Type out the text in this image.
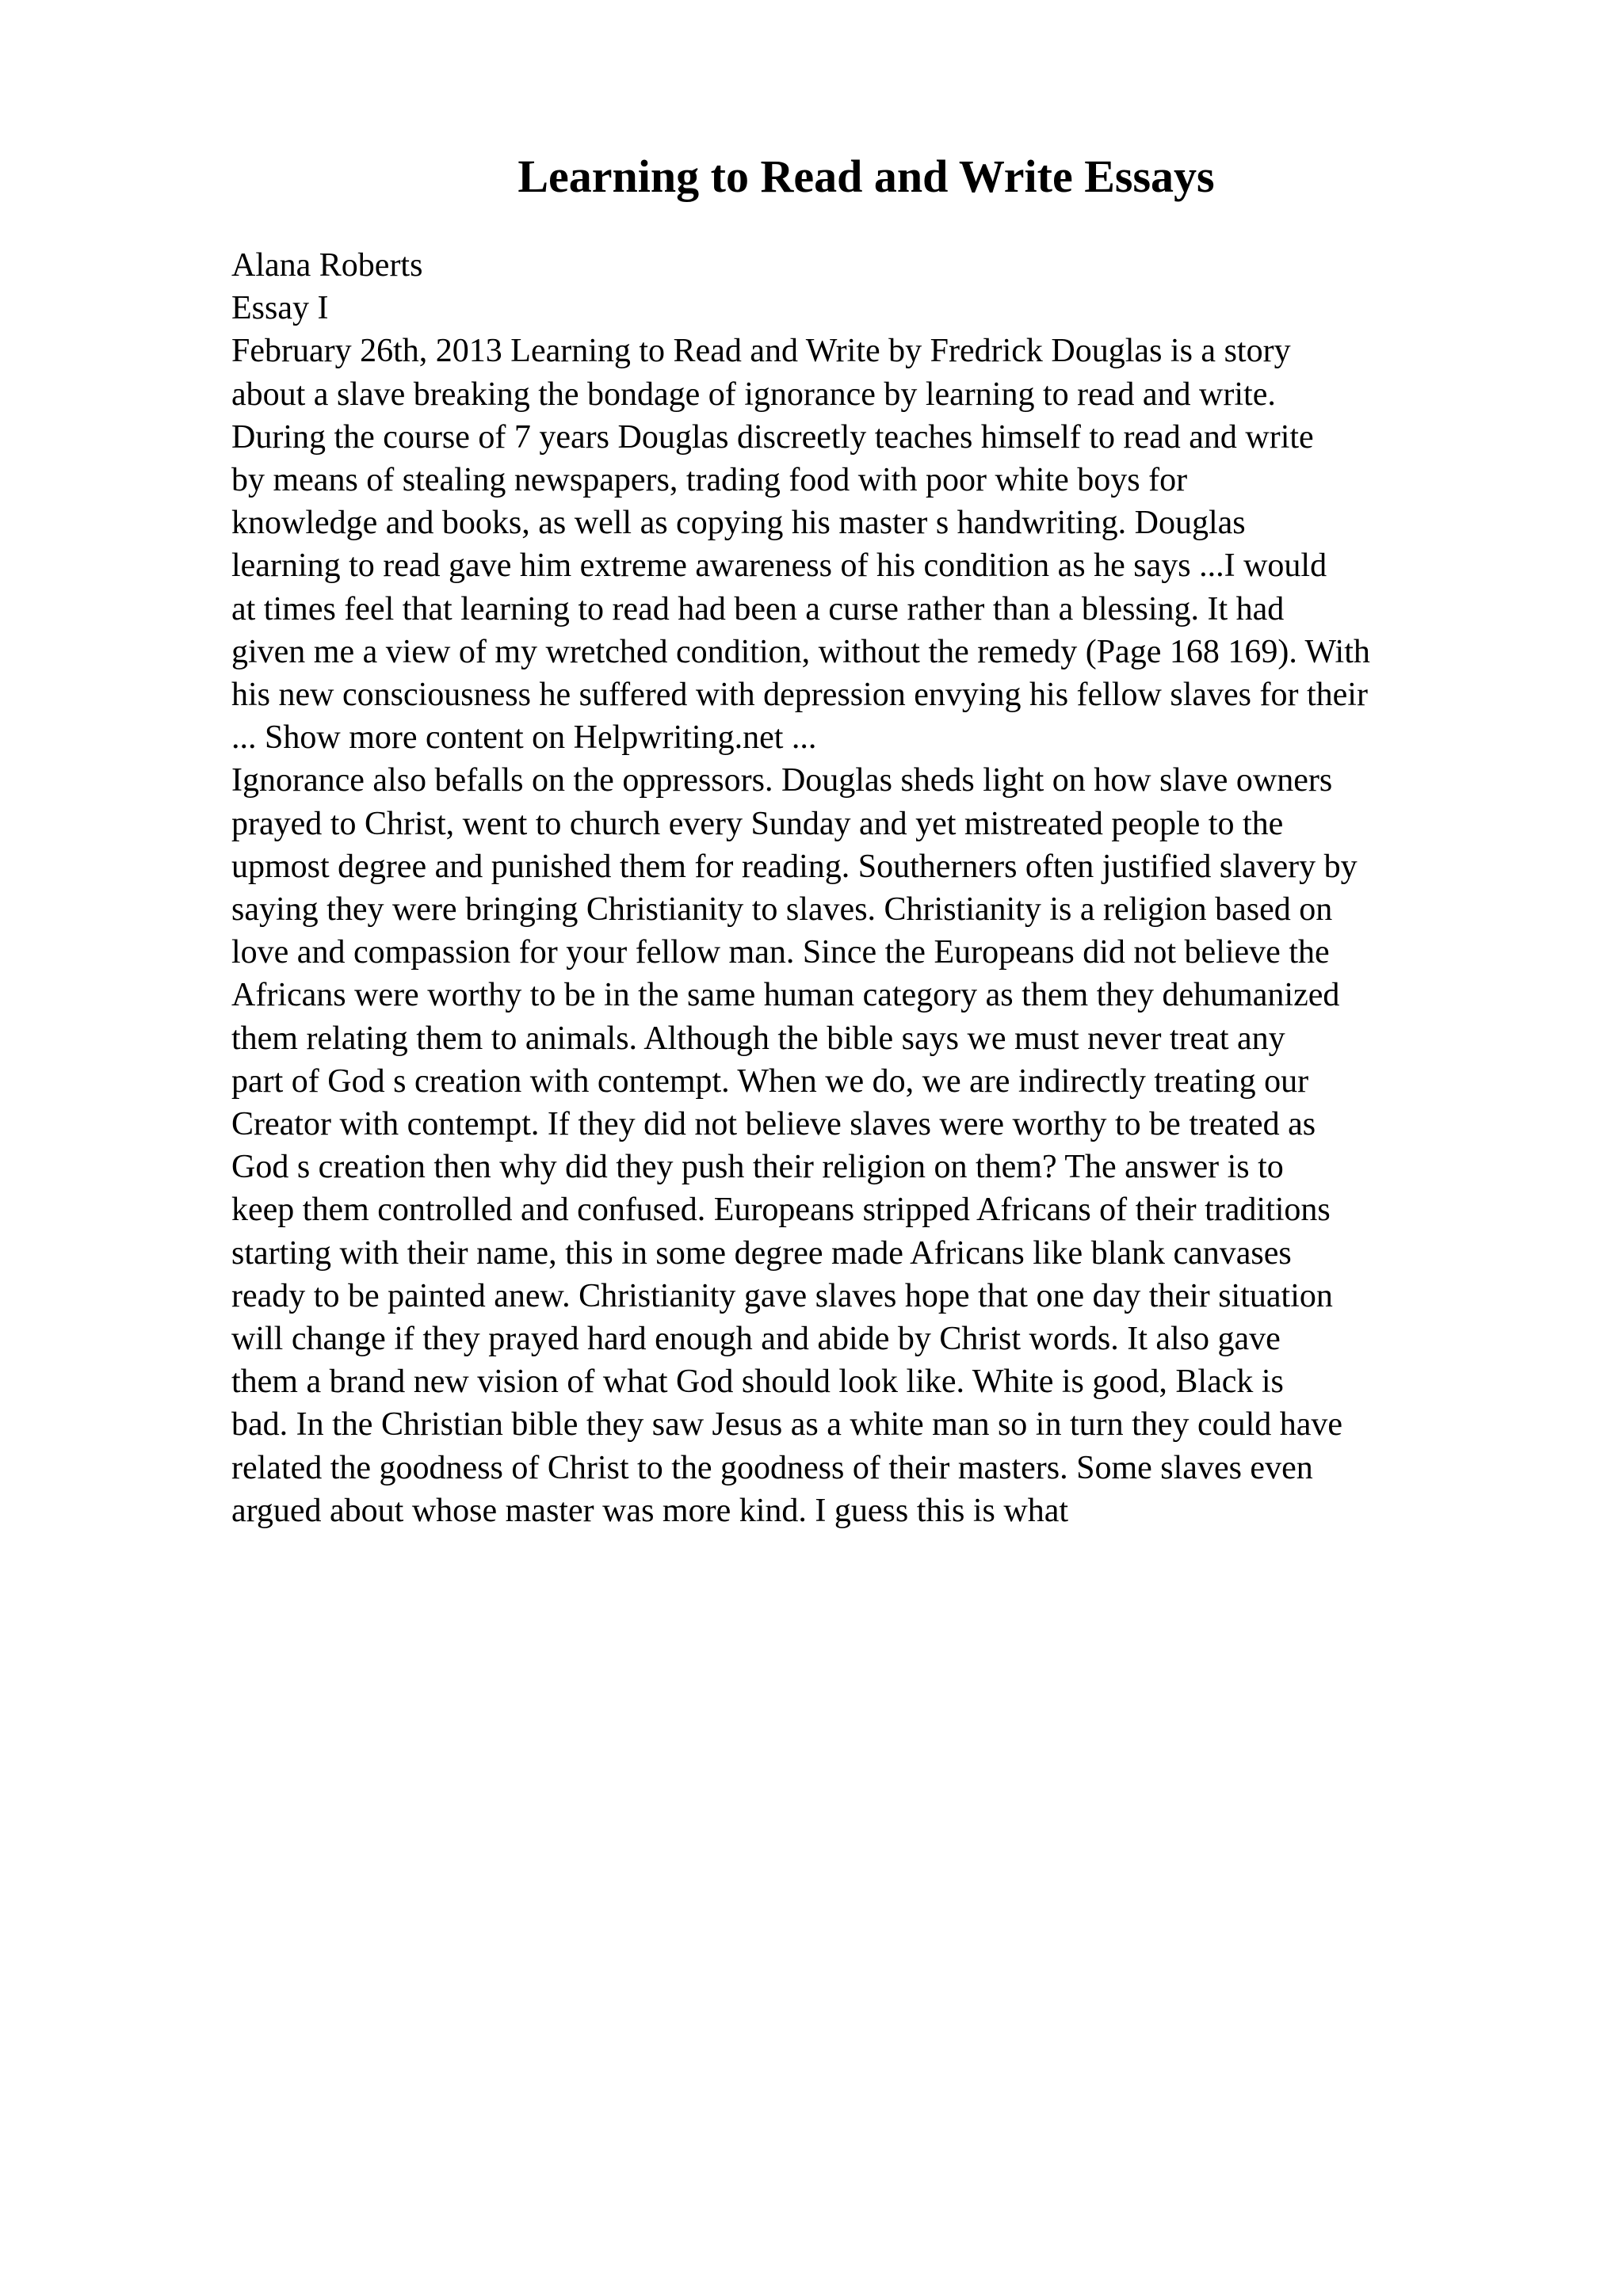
Learning to Read and Write Essays
Alana Roberts
Essay I
February 26th, 2013 Learning to Read and Write by Fredrick Douglas is a story
about a slave breaking the bondage of ignorance by learning to read and write.
During the course of 7 years Douglas discreetly teaches himself to read and write
by means of stealing newspapers, trading food with poor white boys for
knowledge and books, as well as copying his master s handwriting. Douglas
learning to read gave him extreme awareness of his condition as he says ...I would
at times feel that learning to read had been a curse rather than a blessing. It had
given me a view of my wretched condition, without the remedy (Page 168 169). With
his new consciousness he suffered with depression envying his fellow slaves for their
... Show more content on Helpwriting.net ...
Ignorance also befalls on the oppressors. Douglas sheds light on how slave owners
prayed to Christ, went to church every Sunday and yet mistreated people to the
upmost degree and punished them for reading. Southerners often justified slavery by
saying they were bringing Christianity to slaves. Christianity is a religion based on
love and compassion for your fellow man. Since the Europeans did not believe the
Africans were worthy to be in the same human category as them they dehumanized
them relating them to animals. Although the bible says we must never treat any
part of God s creation with contempt. When we do, we are indirectly treating our
Creator with contempt. If they did not believe slaves were worthy to be treated as
God s creation then why did they push their religion on them? The answer is to
keep them controlled and confused. Europeans stripped Africans of their traditions
starting with their name, this in some degree made Africans like blank canvases
ready to be painted anew. Christianity gave slaves hope that one day their situation
will change if they prayed hard enough and abide by Christ words. It also gave
them a brand new vision of what God should look like. White is good, Black is
bad. In the Christian bible they saw Jesus as a white man so in turn they could have
related the goodness of Christ to the goodness of their masters. Some slaves even
argued about whose master was more kind. I guess this is what
